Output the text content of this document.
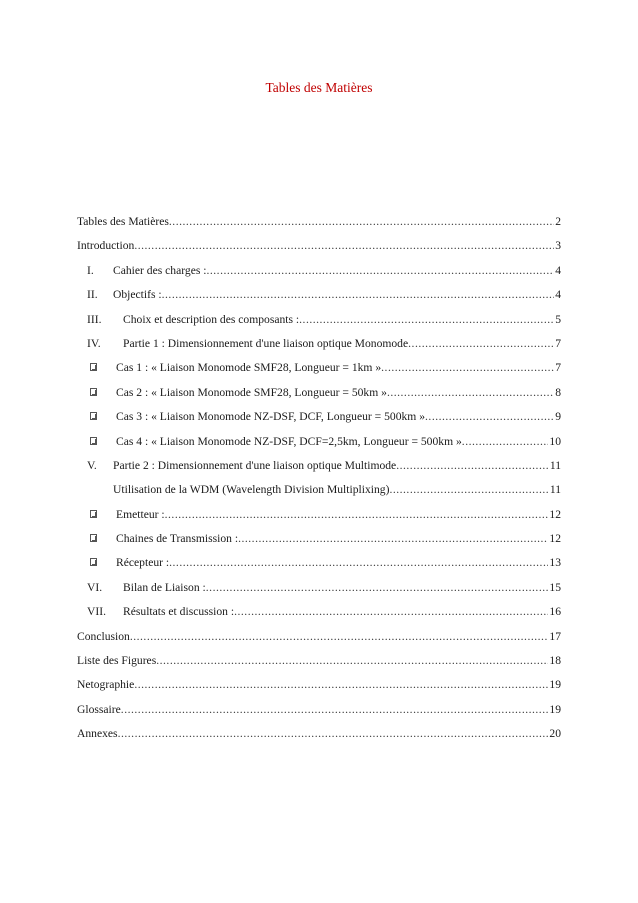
Tables des Matières
Tables des Matières .....	2
Introduction .....	3
I.	Cahier des charges : .....	4
II.	Objectifs : .....	4
III.	Choix et description des composants : .....	5
IV.	Partie 1 : Dimensionnement d'une liaison optique Monomode .....	7
Cas 1 : « Liaison Monomode SMF28, Longueur = 1km » .....	7
Cas 2 : « Liaison Monomode SMF28, Longueur = 50km » .....	8
Cas 3 : « Liaison Monomode NZ-DSF, DCF, Longueur = 500km » .....	9
Cas 4 : « Liaison Monomode NZ-DSF, DCF=2,5km, Longueur = 500km » .....	10
V.	Partie 2 : Dimensionnement d'une liaison optique Multimode .....	11
Utilisation de la WDM (Wavelength Division Multiplixing) .....	11
Emetteur : .....	12
Chaines de Transmission : .....	12
Récepteur : .....	13
VI.	Bilan de Liaison : .....	15
VII.	Résultats et discussion : .....	16
Conclusion .....	17
Liste des Figures .....	18
Netographie .....	19
Glossaire .....	19
Annexes .....	20
